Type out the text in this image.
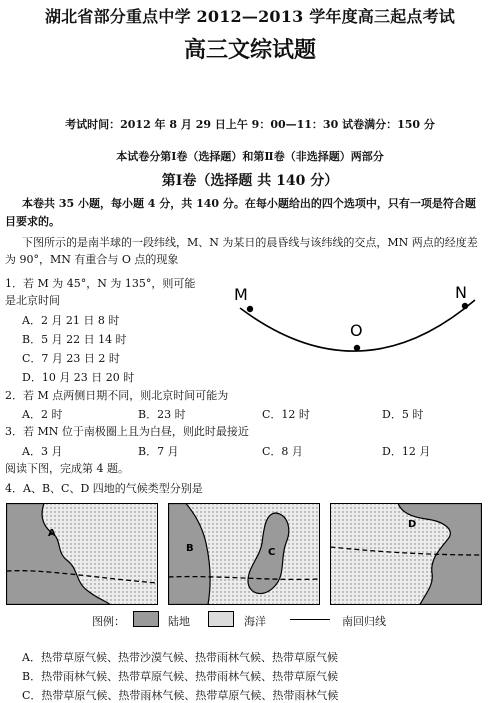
湖北省部分重点中学 2012—2013 学年度高三起点考试
高三文综试题
考试时间：2012 年 8 月 29 日上午 9：00—11：30 试卷满分：150 分
本试卷分第Ⅰ卷（选择题）和第Ⅱ卷（非选择题）两部分
第Ⅰ卷（选择题 共 140 分）
本卷共 35 小题，每小题 4 分，共 140 分。在每小题给出的四个选项中，只有一项是符合题
目要求的。
下图所示的是南半球的一段纬线，M、N 为某日的晨昏线与该纬线的交点，MN 两点的经度差
为 90°，MN 有重合与 O 点的现象
M
O
N
1．若 M 为 45°，N 为 135°，则可能
是北京时间
A．2 月 21 日 8 时
B．5 月 22 日 14 时
C．7 月 23 日 2 时
D．10 月 23 日 20 时
2．若 M 点两侧日期不同，则北京时间可能为
A．2 时	B．23 时	C．12 时	D．5 时
3．若 MN 位于南极圈上且为白昼，则此时最接近
A．3 月	B．7 月	C．8 月	D．12 月
阅读下图，完成第 4 题。
4．A、B、C、D 四地的气候类型分别是
A
B	C
D
图例：	陆地	海洋	南回归线
A．热带草原气候、热带沙漠气候、热带雨林气候、热带草原气候
B．热带雨林气候、热带草原气候、热带雨林气候、热带草原气候
C．热带草原气候、热带雨林气候、热带草原气候、热带雨林气候
